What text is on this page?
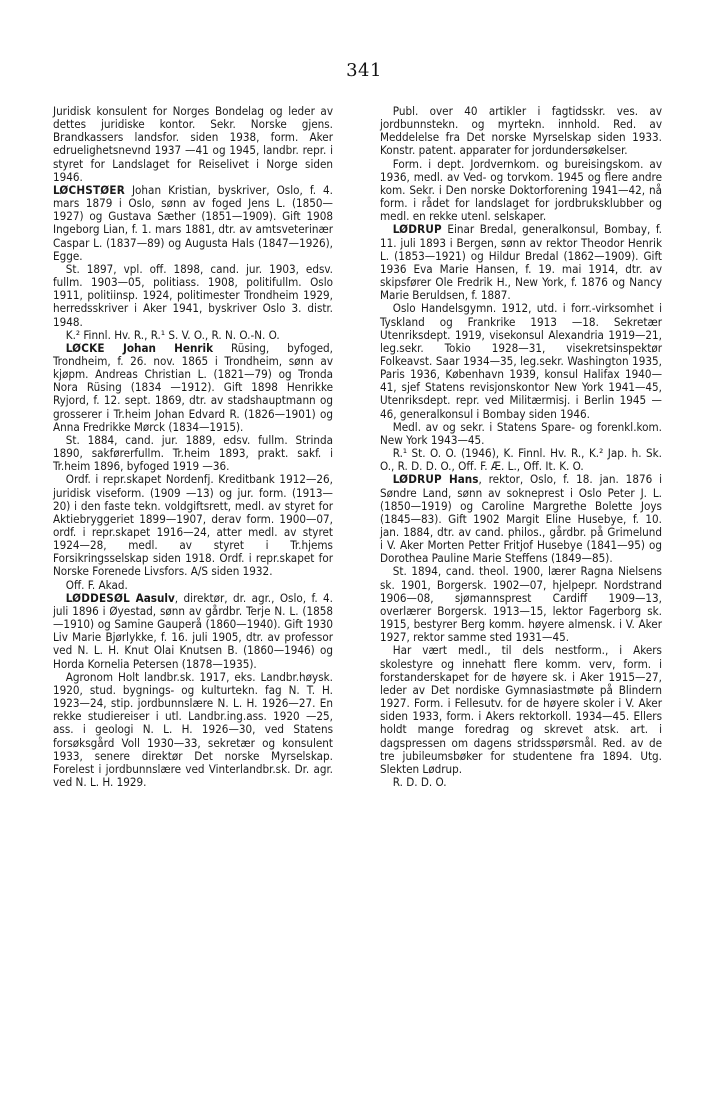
341

Juridisk konsulent for Norges Bondelag og leder av dettes juridiske kontor. Sekr. Norske gjens. Brandkassers landsfor. siden 1938, form. Aker edruelighetsnevnd 1937 —41 og 1945, landbr. repr. i styret for Landslaget for Reiselivet i Norge siden 1946.

LØCHSTØER Johan Kristian, byskriver, Oslo, f. 4. mars 1879 i Oslo, sønn av foged Jens L. (1850—1927) og Gustava Sæther (1851—1909). Gift 1908 Ingeborg Lian, f. 1. mars 1881, dtr. av amtsveterinær Caspar L. (1837—89) og Augusta Hals (1847—1926), Egge.

St. 1897, vpl. off. 1898, cand. jur. 1903, edsv. fullm. 1903—05, politiass. 1908, politifullm. Oslo 1911, politiinsp. 1924, politimester Trondheim 1929, herredsskriver i Aker 1941, byskriver Oslo 3. distr. 1948.

K.² Finnl. Hv. R., R.¹ S. V. O., R. N. O.-N. O.

LØCKE Johan Henrik Rüsing, byfoged, Trondheim, f. 26. nov. 1865 i Trondheim, sønn av kjøpm. Andreas Christian L. (1821—79) og Tronda Nora Rüsing (1834 —1912). Gift 1898 Henrikke Ryjord, f. 12. sept. 1869, dtr. av stadshauptmann og grosserer i Tr.heim Johan Edvard R. (1826—1901) og Anna Fredrikke Mørck (1834—1915).

St. 1884, cand. jur. 1889, edsv. fullm. Strinda 1890, sakførerfullm. Tr.heim 1893, prakt. sakf. i Tr.heim 1896, byfoged 1919 —36.

Ordf. i repr.skapet Nordenfj. Kreditbank 1912—26, juridisk viseform. (1909 —13) og jur. form. (1913—20) i den faste tekn. voldgiftsrett, medl. av styret for Aktiebryggeriet 1899—1907, derav form. 1900—07, ordf. i repr.skapet 1916—24, atter medl. av styret 1924—28, medl. av styret i Tr.hjems Forsikringsselskap siden 1918. Ordf. i repr.skapet for Norske Forenede Livsfors. A/S siden 1932.

Off. F. Akad.

LØDDESØL Aasulv, direktør, dr. agr., Oslo, f. 4. juli 1896 i Øyestad, sønn av gårdbr. Terje N. L. (1858—1910) og Samine Gauperå (1860—1940). Gift 1930 Liv Marie Bjørlykke, f. 16. juli 1905, dtr. av professor ved N. L. H. Knut Olai Knutsen B. (1860—1946) og Horda Kornelia Petersen (1878—1935).

Agronom Holt landbr.sk. 1917, eks. Landbr.høysk. 1920, stud. bygnings- og kulturtekn. fag N. T. H. 1923—24, stip. jordbunnslære N. L. H. 1926—27. En rekke studiereiser i utl. Landbr.ing.ass. 1920 —25, ass. i geologi N. L. H. 1926—30, ved Statens forsøksgård Voll 1930—33, sekretær og konsulent 1933, senere direktør Det norske Myrselskap. Forelest i jordbunnslære ved Vinterlandbr.sk. Dr. agr. ved N. L. H. 1929.

Publ. over 40 artikler i fagtidsskr. ves. av jordbunnstekn. og myrtekn. innhold. Red. av Meddelelse fra Det norske Myrselskap siden 1933. Konstr. patent. apparater for jordundersøkelser.

Form. i dept. Jordvernkom. og bureisingskom. av 1936, medl. av Ved- og torvkom. 1945 og flere andre kom. Sekr. i Den norske Doktorforening 1941—42, nå form. i rådet for landslaget for jordbruksklubber og medl. en rekke utenl. selskaper.

LØDRUP Einar Bredal, generalkonsul, Bombay, f. 11. juli 1893 i Bergen, sønn av rektor Theodor Henrik L. (1853—1921) og Hildur Bredal (1862—1909). Gift 1936 Eva Marie Hansen, f. 19. mai 1914, dtr. av skipsfører Ole Fredrik H., New York, f. 1876 og Nancy Marie Beruldsen, f. 1887.

Oslo Handelsgymn. 1912, utd. i forr.-virksomhet i Tyskland og Frankrike 1913 —18. Sekretær Utenriksdept. 1919, visekonsul Alexandria 1919—21, leg.sekr. Tokio 1928—31, visekretsinspektør Folkeavst. Saar 1934—35, leg.sekr. Washington 1935, Paris 1936, København 1939, konsul Halifax 1940—41, sjef Statens revisjonskontor New York 1941—45, Utenriksdept. repr. ved Militærmisj. i Berlin 1945 —46, generalkonsul i Bombay siden 1946.

Medl. av og sekr. i Statens Spare- og forenkl.kom. New York 1943—45.

R.¹ St. O. O. (1946), K. Finnl. Hv. R., K.² Jap. h. Sk. O., R. D. D. O., Off. F. Æ. L., Off. It. K. O.

LØDRUP Hans, rektor, Oslo, f. 18. jan. 1876 i Søndre Land, sønn av sokneprest i Oslo Peter J. L. (1850—1919) og Caroline Margrethe Bolette Joys (1845—83). Gift 1902 Margit Eline Husebye, f. 10. jan. 1884, dtr. av cand. philos., gårdbr. på Grimelund i V. Aker Morten Petter Fritjof Husebye (1841—95) og Dorothea Pauline Marie Steffens (1849—85).

St. 1894, cand. theol. 1900, lærer Ragna Nielsens sk. 1901, Borgersk. 1902—07, hjelpepr. Nordstrand 1906—08, sjømannsprest Cardiff 1909—13, overlærer Borgersk. 1913—15, lektor Fagerborg sk. 1915, bestyrer Berg komm. høyere almensk. i V. Aker 1927, rektor samme sted 1931—45.

Har vært medl., til dels nestform., i Akers skolestyre og innehatt flere komm. verv, form. i forstanderskapet for de høyere sk. i Aker 1915—27, leder av Det nordiske Gymnasiastmøte på Blindern 1927. Form. i Fellesutv. for de høyere skoler i V. Aker siden 1933, form. i Akers rektorkoll. 1934—45. Ellers holdt mange foredrag og skrevet atsk. art. i dagspressen om dagens stridsspørsmål. Red. av de tre jubileumsbøker for studentene fra 1894. Utg. Slekten Lødrup.

R. D. D. O.
